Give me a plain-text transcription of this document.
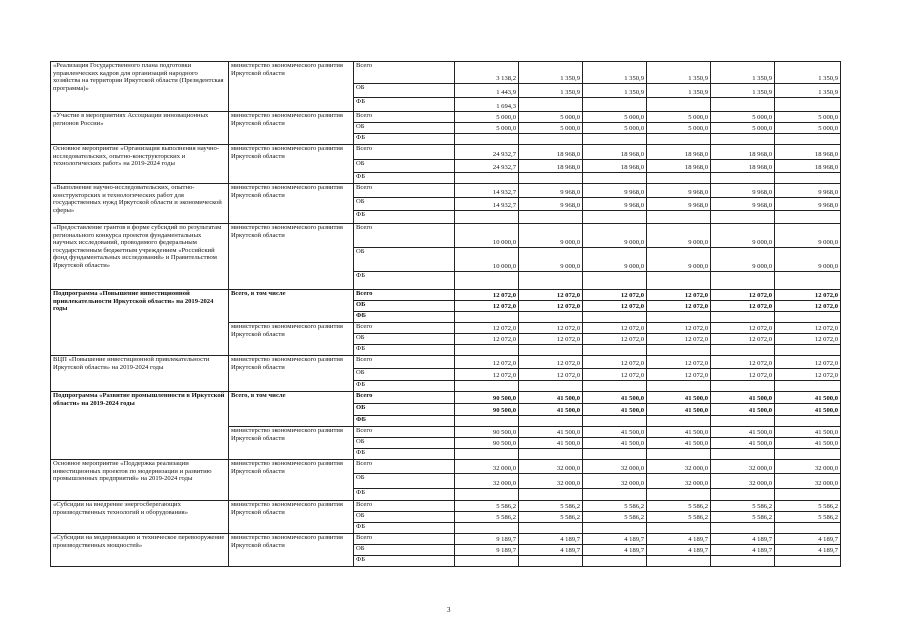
«Реализация Государственного плана подготовки управленческих кадров для организаций народного хозяйства на территории Иркутской области (Президентская программа)»	министерство экономического развития Иркутской области	Всего	3 138,2	1 350,9	1 350,9	1 350,9	1 350,9	1 350,9
		ОБ	1 443,9	1 350,9	1 350,9	1 350,9	1 350,9	1 350,9
		ФБ	1 694,3					
«Участие в мероприятиях Ассоциации инновационных регионов России»	министерство экономического развития Иркутской области	Всего	5 000,0	5 000,0	5 000,0	5 000,0	5 000,0	5 000,0
		ОБ	5 000,0	5 000,0	5 000,0	5 000,0	5 000,0	5 000,0
		ФБ						
Основное мероприятие «Организация выполнения научно-исследовательских, опытно-конструкторских и технологических работ» на 2019-2024 годы	министерство экономического развития Иркутской области	Всего	24 932,7	18 968,0	18 968,0	18 968,0	18 968,0	18 968,0
		ОБ	24 932,7	18 968,0	18 968,0	18 968,0	18 968,0	18 968,0
		ФБ						
«Выполнение научно-исследовательских, опытно-конструкторских и технологических работ для государственных нужд Иркутской области и экономической сферы»	министерство экономического развития Иркутской области	Всего	14 932,7	9 968,0	9 968,0	9 968,0	9 968,0	9 968,0
		ОБ	14 932,7	9 968,0	9 968,0	9 968,0	9 968,0	9 968,0
		ФБ						
«Предоставление грантов в форме субсидий по результатам регионального конкурса проектов фундаментальных научных исследований, проводимого федеральным государственным бюджетным учреждением «Российский фонд фундаментальных исследований» и Правительством Иркутской области»	министерство экономического развития Иркутской области	Всего	10 000,0	9 000,0	9 000,0	9 000,0	9 000,0	9 000,0
		ОБ	10 000,0	9 000,0	9 000,0	9 000,0	9 000,0	9 000,0
		ФБ						
Подпрограмма «Повышение инвестиционной привлекательности Иркутской области» на 2019-2024 годы	Всего, в том числе	Всего	12 072,0	12 072,0	12 072,0	12 072,0	12 072,0	12 072,0
		ОБ	12 072,0	12 072,0	12 072,0	12 072,0	12 072,0	12 072,0
		ФБ						
	министерство экономического развития Иркутской области	Всего	12 072,0	12 072,0	12 072,0	12 072,0	12 072,0	12 072,0
		ОБ	12 072,0	12 072,0	12 072,0	12 072,0	12 072,0	12 072,0
		ФБ						
ВЦП «Повышение инвестиционной привлекательности Иркутской области» на 2019-2024 годы	министерство экономического развития Иркутской области	Всего	12 072,0	12 072,0	12 072,0	12 072,0	12 072,0	12 072,0
		ОБ	12 072,0	12 072,0	12 072,0	12 072,0	12 072,0	12 072,0
		ФБ						
Подпрограмма «Развитие промышленности в Иркутской области» на 2019-2024 годы	Всего, в том числе	Всего	90 500,0	41 500,0	41 500,0	41 500,0	41 500,0	41 500,0
		ОБ	90 500,0	41 500,0	41 500,0	41 500,0	41 500,0	41 500,0
		ФБ						
	министерство экономического развития Иркутской области	Всего	90 500,0	41 500,0	41 500,0	41 500,0	41 500,0	41 500,0
		ОБ	90 500,0	41 500,0	41 500,0	41 500,0	41 500,0	41 500,0
		ФБ						
Основное мероприятие «Поддержка реализации инвестиционных проектов по модернизации и развитию промышленных предприятий» на 2019-2024 годы	министерство экономического развития Иркутской области	Всего	32 000,0	32 000,0	32 000,0	32 000,0	32 000,0	32 000,0
		ОБ	32 000,0	32 000,0	32 000,0	32 000,0	32 000,0	32 000,0
		ФБ						
«Субсидии на внедрение энергосберегающих производственных технологий и оборудования»	министерство экономического развития Иркутской области	Всего	5 586,2	5 586,2	5 586,2	5 586,2	5 586,2	5 586,2
		ОБ	5 586,2	5 586,2	5 586,2	5 586,2	5 586,2	5 586,2
		ФБ						
«Субсидии на модернизацию и техническое перевооружение производственных мощностей»	министерство экономического развития Иркутской области	Всего	9 189,7	4 189,7	4 189,7	4 189,7	4 189,7	4 189,7
		ОБ	9 189,7	4 189,7	4 189,7	4 189,7	4 189,7	4 189,7
		ФБ						
3
